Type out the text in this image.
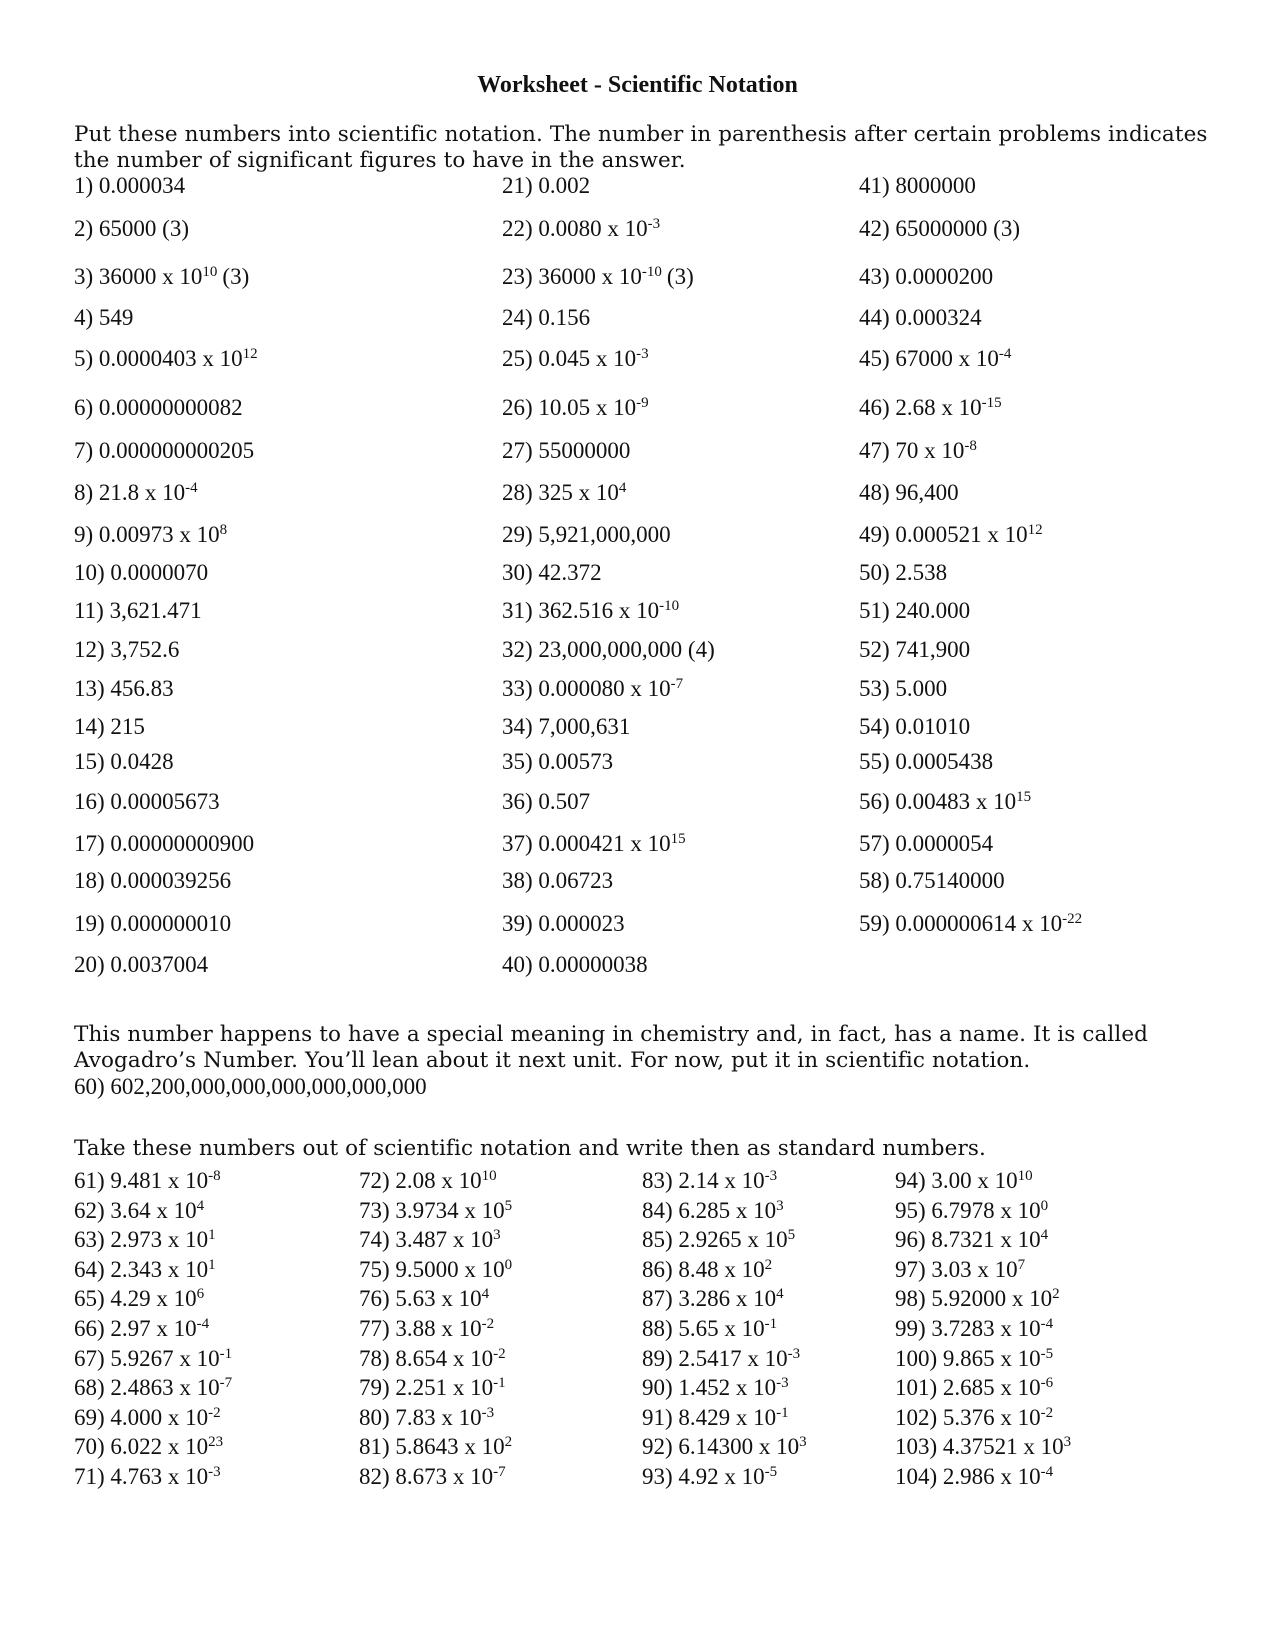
Worksheet - Scientific Notation
Put these numbers into scientific notation. The number in parenthesis after certain problems indicates the number of significant figures to have in the answer.
1) 0.000034
2) 65000 (3)
3) 36000 x $10^{10}$ (3)
4) 549
5) 0.0000403 x $10^{12}$
6) 0.00000000082
7) 0.000000000205
8) 21.8 x $10^{-4}$
9) 0.00973 x $10^8$
10) 0.0000070
11) 3,621.471
12) 3,752.6
13) 456.83
14) 215
15) 0.0428
16) 0.00005673
17) 0.00000000900
18) 0.000039256
19) 0.000000010
20) 0.0037004
21) 0.002
22) 0.0080 x $10^{-3}$
23) 36000 x $10^{-10}$ (3)
24) 0.156
25) 0.045 x $10^{-3}$
26) 10.05 x $10^{-9}$
27) 55000000
28) 325 x $10^4$
29) 5,921,000,000
30) 42.372
31) 362.516 x $10^{-10}$
32) 23,000,000,000 (4)
33) 0.000080 x $10^{-7}$
34) 7,000,631
35) 0.00573
36) 0.507
37) 0.000421 x $10^{15}$
38) 0.06723
39) 0.000023
40) 0.00000038
41) 8000000
42) 65000000 (3)
43) 0.0000200
44) 0.000324
45) 67000 x $10^{-4}$
46) 2.68 x $10^{-15}$
47) 70 x $10^{-8}$
48) 96,400
49) 0.000521 x $10^{12}$
50) 2.538
51) 240.000
52) 741,900
53) 5.000
54) 0.01010
55) 0.0005438
56) 0.00483 x $10^{15}$
57) 0.0000054
58) 0.75140000
59) 0.000000614 x $10^{-22}$
This number happens to have a special meaning in chemistry and, in fact, has a name. It is called Avogadro’s Number. You’ll lean about it next unit. For now, put it in scientific notation.
60) 602,200,000,000,000,000,000,000
Take these numbers out of scientific notation and write then as standard numbers.
61) 9.481 x $10^{-8}$
62) 3.64 x $10^4$
63) 2.973 x $10^1$
64) 2.343 x $10^1$
65) 4.29 x $10^6$
66) 2.97 x $10^{-4}$
67) 5.9267 x $10^{-1}$
68) 2.4863 x $10^{-7}$
69) 4.000 x $10^{-2}$
70) 6.022 x $10^{23}$
71) 4.763 x $10^{-3}$
72) 2.08 x $10^{10}$
73) 3.9734 x $10^5$
74) 3.487 x $10^3$
75) 9.5000 x $10^0$
76) 5.63 x $10^4$
77) 3.88 x $10^{-2}$
78) 8.654 x $10^{-2}$
79) 2.251 x $10^{-1}$
80) 7.83 x $10^{-3}$
81) 5.8643 x $10^2$
82) 8.673 x $10^{-7}$
83) 2.14 x $10^{-3}$
84) 6.285 x $10^3$
85) 2.9265 x $10^5$
86) 8.48 x $10^2$
87) 3.286 x $10^4$
88) 5.65 x $10^{-1}$
89) 2.5417 x $10^{-3}$
90) 1.452 x $10^{-3}$
91) 8.429 x $10^{-1}$
92) 6.14300 x $10^3$
93) 4.92 x $10^{-5}$
94) 3.00 x $10^{10}$
95) 6.7978 x $10^0$
96) 8.7321 x $10^4$
97) 3.03 x $10^7$
98) 5.92000 x $10^2$
99) 3.7283 x $10^{-4}$
100) 9.865 x $10^{-5}$
101) 2.685 x $10^{-6}$
102) 5.376 x $10^{-2}$
103) 4.37521 x $10^3$
104) 2.986 x $10^{-4}$
